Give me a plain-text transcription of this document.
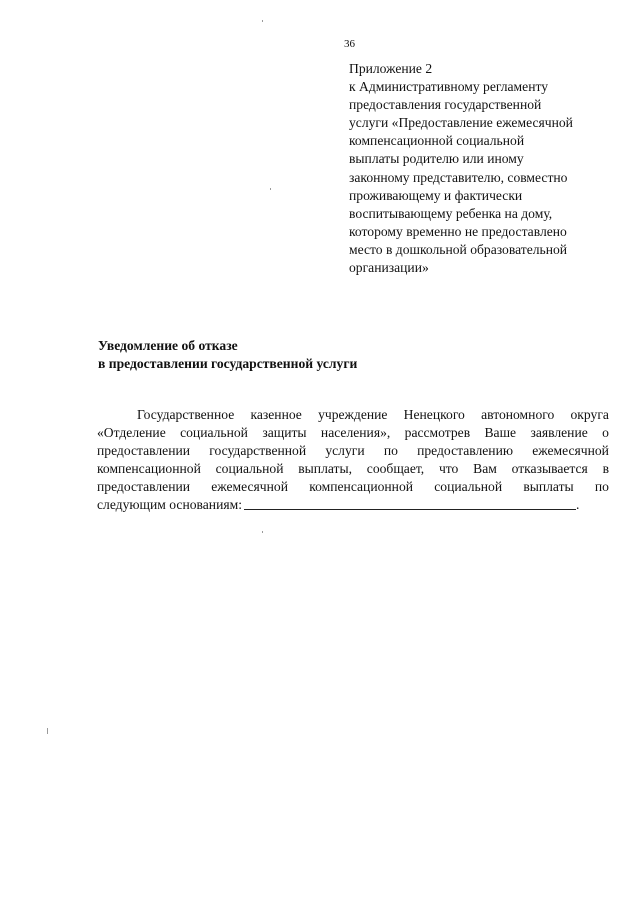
36
Приложение 2
к Административному регламенту
предоставления государственной
услуги «Предоставление ежемесячной
компенсационной социальной
выплаты родителю или иному
законному представителю, совместно
проживающему и фактически
воспитывающему ребенка на дому,
которому временно не предоставлено
место в дошкольной образовательной
организации»
Уведомление об отказе
в предоставлении государственной услуги
Государственное казенное учреждение Ненецкого автономного округа
«Отделение социальной защиты населения», рассмотрев Ваше заявление о
предоставлении государственной услуги по предоставлению ежемесячной
компенсационной социальной выплаты, сообщает, что Вам отказывается в
предоставлении ежемесячной компенсационной социальной выплаты по
следующим основаниям:	.
